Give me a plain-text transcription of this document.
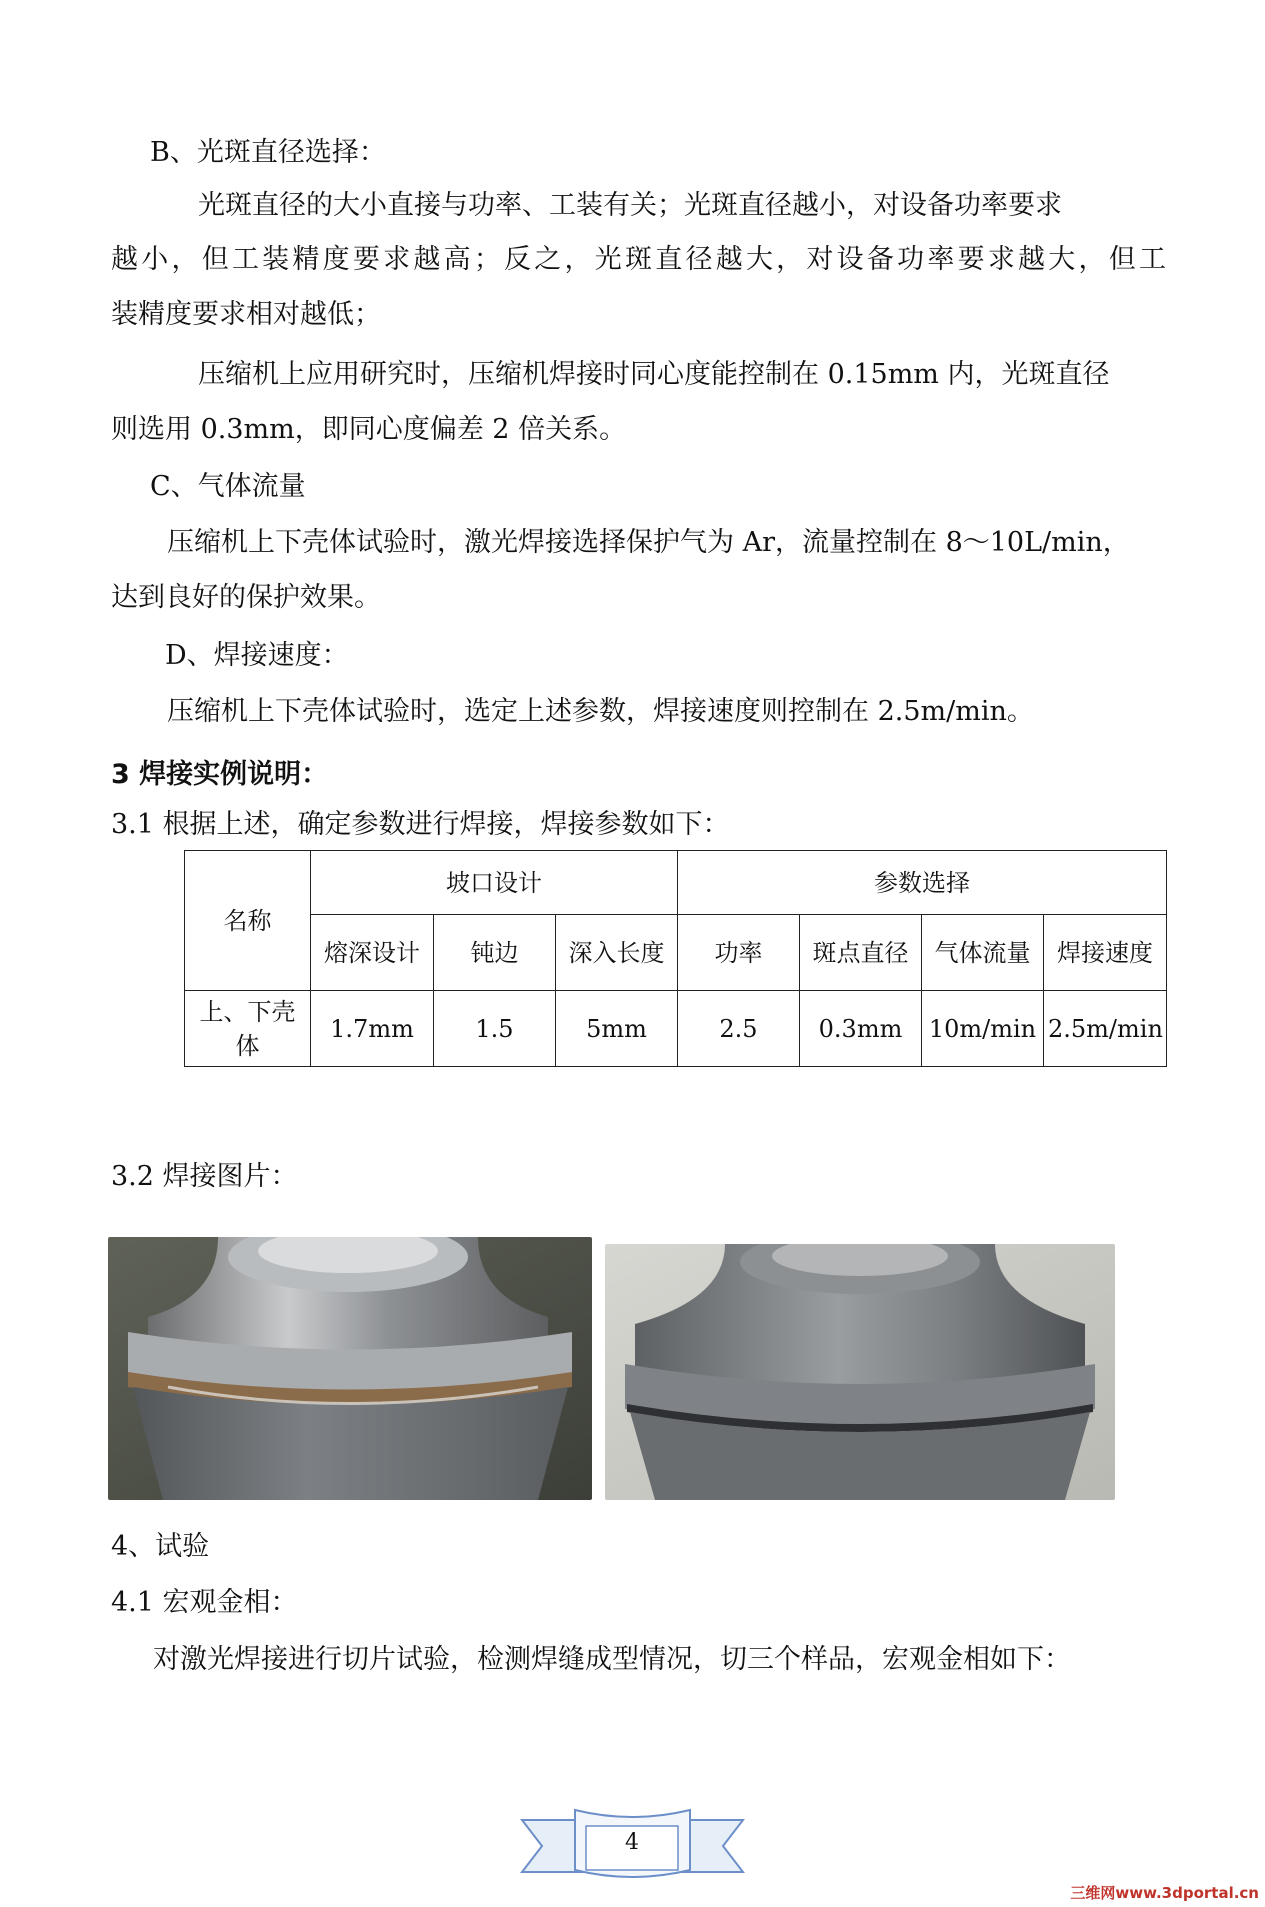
B、光斑直径选择：
光斑直径的大小直接与功率、工装有关；光斑直径越小，对设备功率要求
越小，但工装精度要求越高；反之，光斑直径越大，对设备功率要求越大，但工
装精度要求相对越低；
压缩机上应用研究时，压缩机焊接时同心度能控制在 0.15mm 内，光斑直径
则选用 0.3mm，即同心度偏差 2 倍关系。
C、气体流量
压缩机上下壳体试验时，激光焊接选择保护气为 Ar，流量控制在 8～10L/min，
达到良好的保护效果。
D、焊接速度：
压缩机上下壳体试验时，选定上述参数，焊接速度则控制在 2.5m/min。
3 焊接实例说明：
3.1 根据上述，确定参数进行焊接，焊接参数如下：
名称	坡口设计			参数选择			
	熔深设计	钝边	深入长度	功率	斑点直径	气体流量	焊接速度
上、下壳体	1.7mm	1.5	5mm	2.5	0.3mm	10m/min	2.5m/min
3.2 焊接图片：
4、试验
4.1 宏观金相：
对激光焊接进行切片试验，检测焊缝成型情况，切三个样品，宏观金相如下：
4
三维网www.3dportal.cn
